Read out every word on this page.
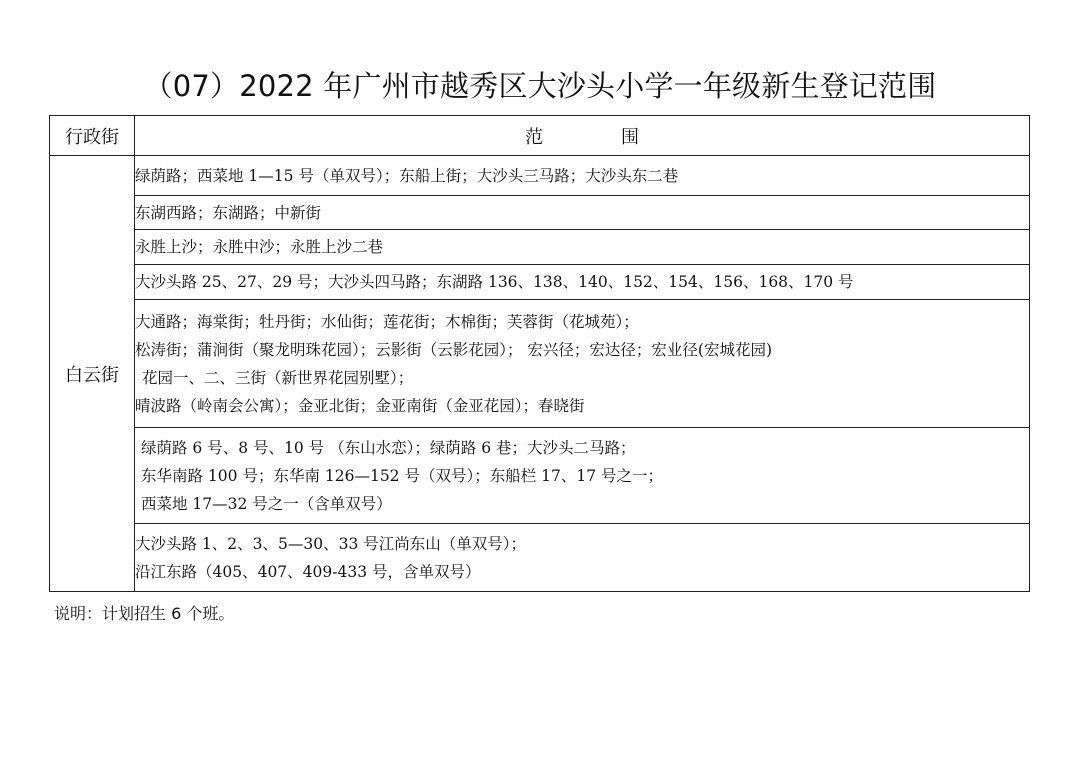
（07）2022 年广州市越秀区大沙头小学一年级新生登记范围
行政街	范围
白云街	绿荫路；西菜地 1—15 号（单双号）；东船上街；大沙头三马路；大沙头东二巷

	东湖西路；东湖路；中新街

	永胜上沙；永胜中沙；永胜上沙二巷

	大沙头路 25、27、29 号；大沙头四马路；东湖路 136、138、140、152、154、156、168、170 号

	大通路；海棠街；牡丹街；水仙街；莲花街；木棉街；芙蓉街（花城苑）；
松涛街；蒲涧街（聚龙明珠花园）；云影街（云影花园）； 宏兴径；宏达径；宏业径(宏城花园)
花园一、二、三街（新世界花园别墅）；
晴波路（岭南会公寓）；金亚北街；金亚南街（金亚花园）；春晓街

	绿荫路 6 号、8 号、10 号 （东山水恋）；绿荫路 6 巷；大沙头二马路；
东华南路 100 号；东华南 126—152 号（双号）；东船栏 17、17 号之一；
西菜地 17—32 号之一（含单双号）

	大沙头路 1、2、3、5—30、33 号江尚东山（单双号）；
沿江东路（405、407、409-433 号，含单双号）
说明：计划招生 6 个班。
